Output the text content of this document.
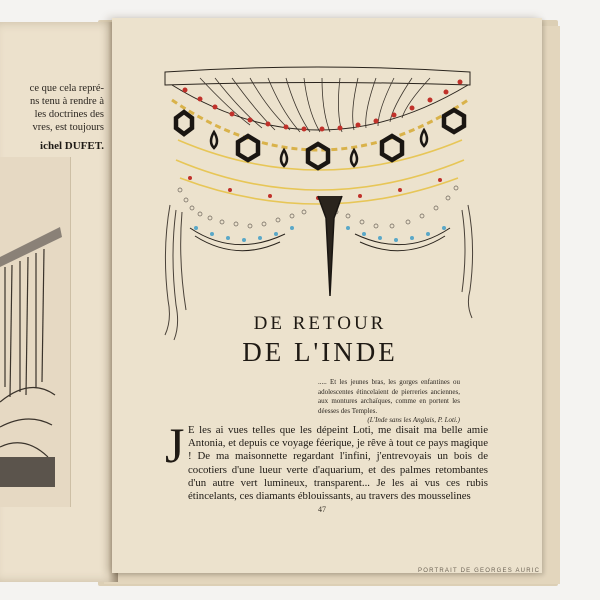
ce que cela repré-
ns tenu à rendre à
les doctrines des
vres, est toujours
ichel DUFET.
DE RETOUR
DE L'INDE
..... Et les jeunes bras, les gorges enfantines ou adolescentes étincelaient de pierreries anciennes, aux montures archaïques, comme en portent les déesses des Temples.
(L'Inde sans les Anglais, P. Loti.)
J E les ai vues telles que les dépeint Loti, me disait ma belle amie Antonia, et depuis ce voyage féerique, je rêve à tout ce pays magique ! De ma maisonnette regardant l'infini, j'entrevoyais un bois de cocotiers d'une lueur verte d'aquarium, et des palmes retombantes d'un autre vert lumineux, transparent... Je les ai vus ces rubis étincelants, ces diamants éblouissants, au travers des mousselines
47
PORTRAIT DE GEORGES AURIC
